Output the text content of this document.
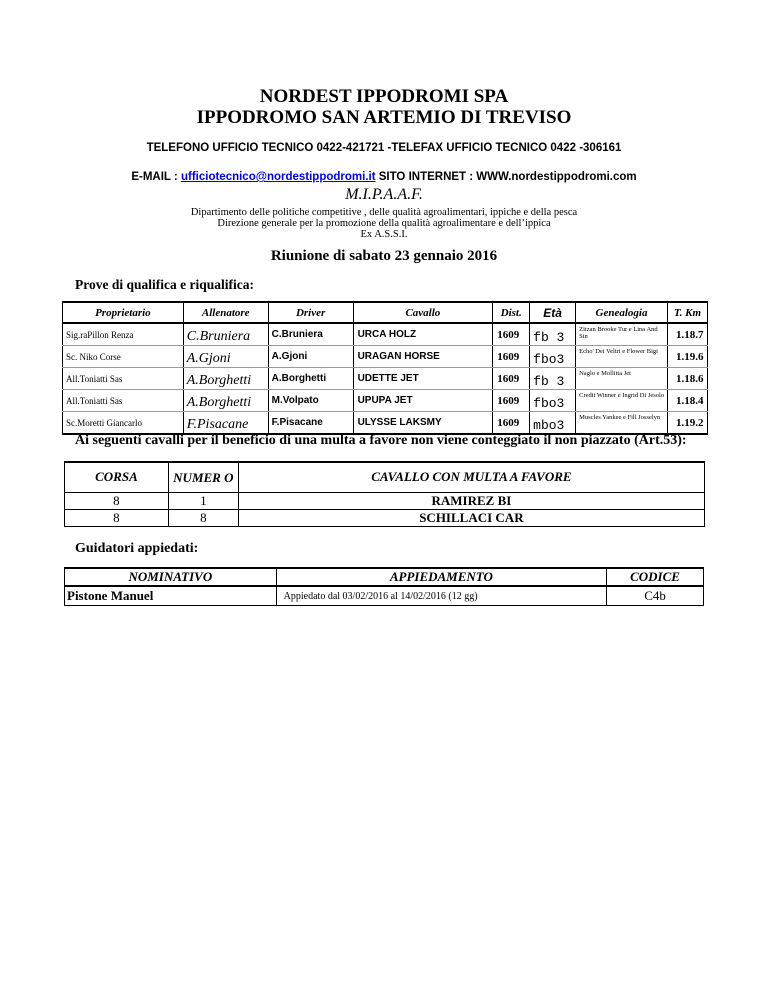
NORDEST IPPODROMI SPA
IPPODROMO SAN ARTEMIO DI TREVISO
TELEFONO UFFICIO TECNICO 0422-421721 -TELEFAX UFFICIO TECNICO 0422 -306161
E-MAIL : ufficiotecnico@nordestippodromi.it SITO INTERNET : WWW.nordestippodromi.com
M.I.P.A.A.F.
Dipartimento delle politiche competitive , delle qualità agroalimentari, ippiche e della pesca
Direzione generale per la promozione della qualità agroalimentare e dell’ippica
Ex A.S.S.I.
Riunione di sabato 23 gennaio 2016
Prove di qualifica e riqualifica:
Proprietario	Allenatore	Driver	Cavallo	Dist.	Età	Genealogia	T. Km
Sig.raPillon Renza	C.Bruniera	C.Bruniera	URCA HOLZ	1609	fb 3	Zitzan Brooke Tur e Lina And Sin	1.18.7
Sc. Niko Corse	A.Gjoni	A.Gjoni	URAGAN HORSE	1609	fbo3	Echo' Dei Veltri e Flower Bigi	1.19.6
All.Toniatti Sas	A.Borghetti	A.Borghetti	UDETTE JET	1609	fb 3	Naglo e Mollitta Jet	1.18.6
All.Toniatti Sas	A.Borghetti	M.Volpato	UPUPA JET	1609	fbo3	Credit Winner e Ingrid Di Jesolo	1.18.4
Sc.Moretti Giancarlo	F.Pisacane	F.Pisacane	ULYSSE LAKSMY	1609	mbo3	Muscles Yankee e Fill Josselyn	1.19.2
Ai seguenti cavalli per il beneficio di una multa a favore non viene conteggiato il non piazzato (Art.53):
CORSA	NUMER O	CAVALLO CON MULTA A FAVORE
8	1	RAMIREZ BI
8	8	SCHILLACI CAR
Guidatori appiedati:
NOMINATIVO	APPIEDAMENTO	CODICE
Pistone Manuel	Appiedato dal 03/02/2016 al 14/02/2016 (12 gg)	C4b
